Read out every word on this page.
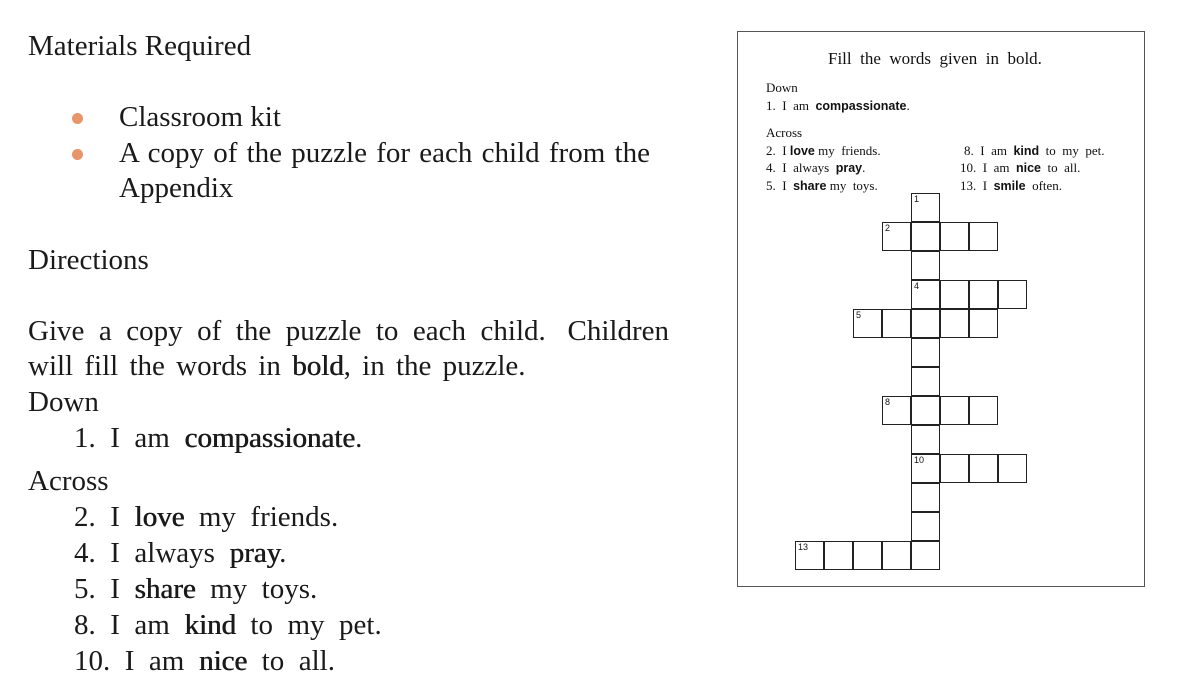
Materials Required
Classroom kit
A copy of the puzzle for each child from the
Appendix
Directions
Give  a  copy  of  the  puzzle  to  each  child.   Children
will fill the words in bold, in the puzzle.
Down
1.  I  am  compassionate.
Across
2.  I  love  my  friends.
4.  I  always  pray.
5.  I  share  my  toys.
8.  I  am  kind  to  my  pet.
10.  I  am  nice  to  all.
Fill  the  words  given  in  bold.
Down
1.  I  am  compassionate.
Across
2.  I love my  friends.
4.  I  always  pray.
5.  I  share my  toys.
8.  I  am  kind  to  my  pet.
10.  I  am  nice  to  all.
13.  I  smile  often.
1
4
10
2
5
8
13
